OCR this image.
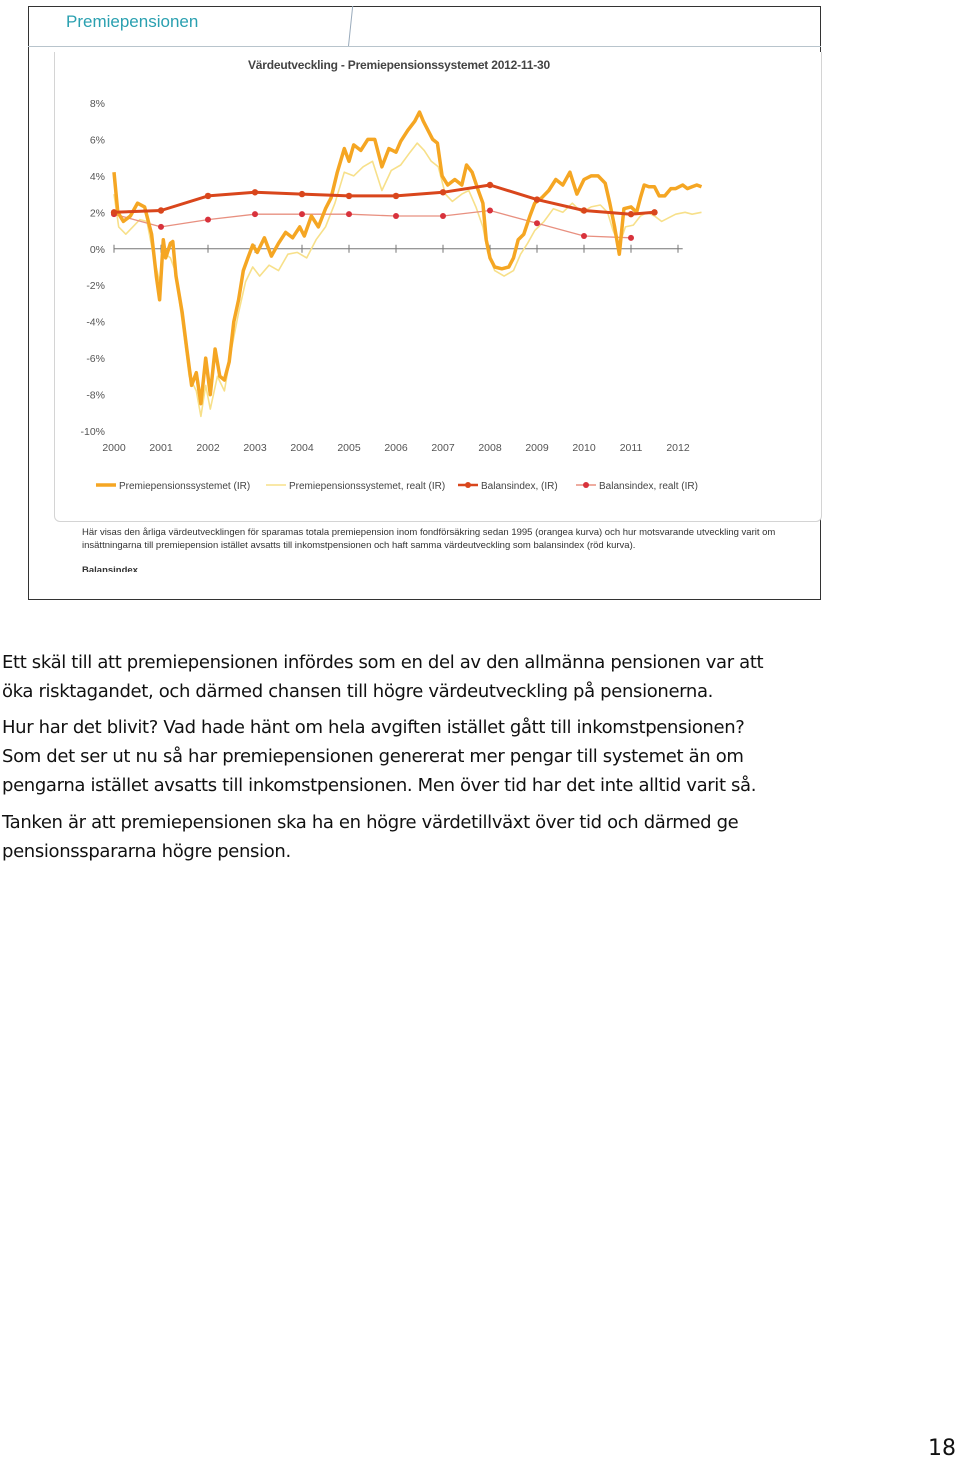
Premiepensionen
Värdeutveckling - Premiepensionssystemet 2012-11-30
8%
6%
4%
2%
0%
-2%
-4%
-6%
-8%
-10%
2000 2001 2002 2003 2004 2005 2006 2007 2008 2009 2010 2011 2012
Premiepensionssystemet (IR)	Premiepensionssystemet, realt (IR)	Balansindex, (IR)	Balansindex, realt (IR)
Här visas den årliga värdeutvecklingen för sparamas totala premiepension inom fondförsäkring sedan 1995 (orangea kurva) och hur motsvarande utveckling varit om insättningarna till premiepension istället avsatts till inkomstpensionen och haft samma värdeutveckling som balansindex (röd kurva).
Balansindex
Ett skäl till att premiepensionen infördes som en del av den allmänna pensionen var att
öka risktagandet, och därmed chansen till högre värdeutveckling på pensionerna.
Hur har det blivit? Vad hade hänt om hela avgiften istället gått till inkomstpensionen?
Som det ser ut nu så har premiepensionen genererat mer pengar till systemet än om
pengarna istället avsatts till inkomstpensionen. Men över tid har det inte alltid varit så.
Tanken är att premiepensionen ska ha en högre värdetillväxt över tid och därmed ge
pensionsspararna högre pension.
18
